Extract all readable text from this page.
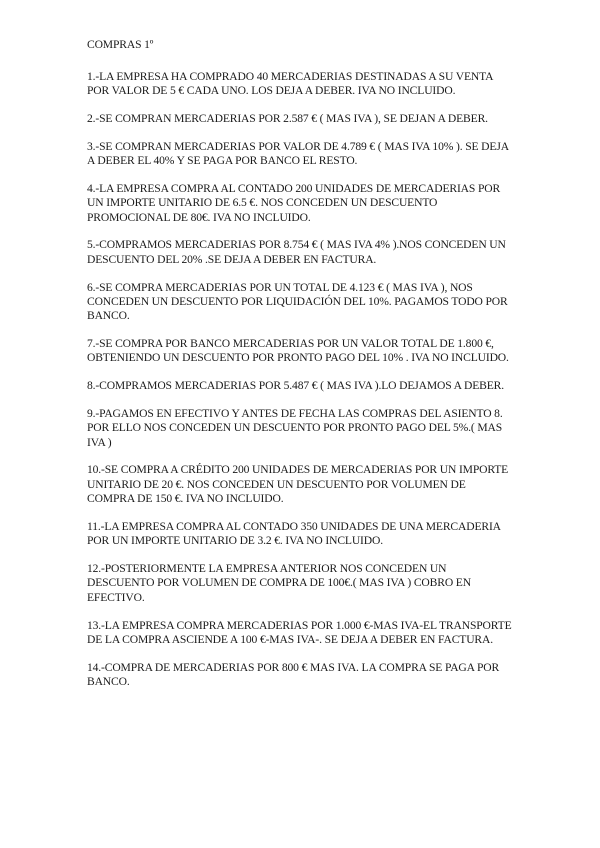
COMPRAS 1º
1.-LA EMPRESA HA COMPRADO 40 MERCADERIAS DESTINADAS A SU VENTA POR VALOR DE 5 € CADA UNO. LOS DEJA A DEBER. IVA NO INCLUIDO.
2.-SE COMPRAN MERCADERIAS POR 2.587 € ( MAS IVA ), SE DEJAN A DEBER.
3.-SE COMPRAN MERCADERIAS POR VALOR DE 4.789 € ( MAS IVA 10% ). SE DEJA A DEBER EL 40% Y SE PAGA POR BANCO EL RESTO.
4.-LA EMPRESA COMPRA AL CONTADO 200 UNIDADES DE MERCADERIAS POR UN IMPORTE UNITARIO DE 6.5 €. NOS CONCEDEN UN DESCUENTO PROMOCIONAL DE 80€. IVA NO INCLUIDO.
5.-COMPRAMOS MERCADERIAS POR 8.754 € ( MAS IVA 4% ).NOS CONCEDEN UN DESCUENTO DEL 20% .SE DEJA A DEBER EN FACTURA.
6.-SE COMPRA MERCADERIAS POR UN TOTAL DE 4.123 € ( MAS IVA ), NOS CONCEDEN UN DESCUENTO POR LIQUIDACIÓN DEL 10%. PAGAMOS TODO POR BANCO.
7.-SE COMPRA POR BANCO MERCADERIAS POR UN VALOR TOTAL DE 1.800 €, OBTENIENDO UN DESCUENTO POR PRONTO PAGO DEL 10% . IVA NO INCLUIDO.
8.-COMPRAMOS MERCADERIAS POR 5.487 € ( MAS IVA ).LO DEJAMOS A DEBER.
9.-PAGAMOS EN EFECTIVO Y ANTES DE FECHA LAS COMPRAS DEL ASIENTO 8. POR ELLO NOS CONCEDEN UN DESCUENTO POR PRONTO PAGO DEL 5%.( MAS IVA )
10.-SE COMPRA A CRÉDITO 200 UNIDADES DE MERCADERIAS POR UN IMPORTE UNITARIO DE 20 €. NOS CONCEDEN UN DESCUENTO POR VOLUMEN DE COMPRA DE 150 €. IVA NO INCLUIDO.
11.-LA EMPRESA COMPRA AL CONTADO 350 UNIDADES DE UNA MERCADERIA POR UN IMPORTE UNITARIO DE 3.2 €. IVA NO INCLUIDO.
12.-POSTERIORMENTE LA EMPRESA ANTERIOR NOS CONCEDEN UN DESCUENTO POR VOLUMEN DE COMPRA DE 100€.( MAS IVA ) COBRO EN EFECTIVO.
13.-LA EMPRESA COMPRA MERCADERIAS POR 1.000 €-MAS IVA-EL TRANSPORTE DE LA COMPRA ASCIENDE A 100 €-MAS IVA-. SE DEJA A DEBER EN FACTURA.
14.-COMPRA DE MERCADERIAS POR 800 € MAS IVA. LA COMPRA SE PAGA POR BANCO.
